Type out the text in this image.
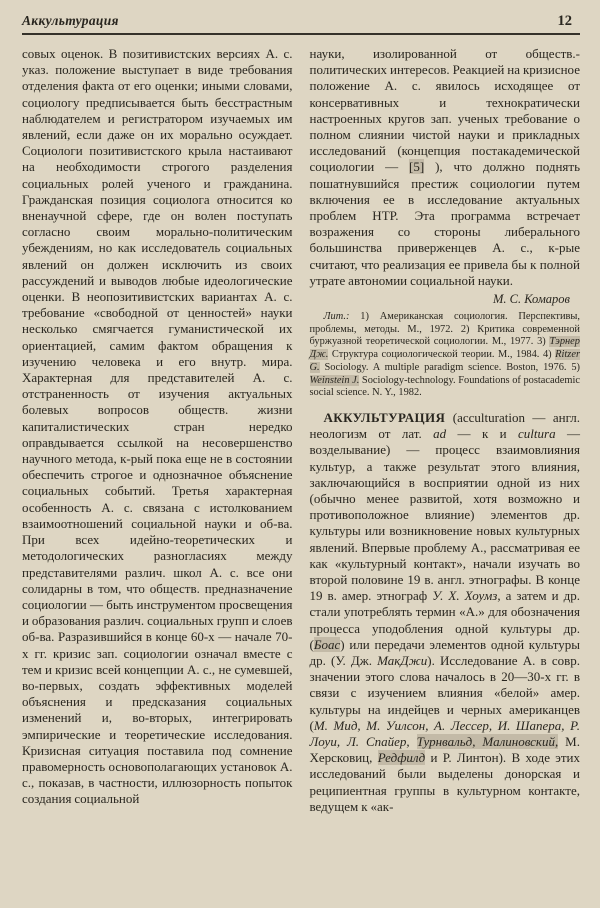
Аккультурация	12

совых оценок. В позитивистских версиях А. с. указ. положение выступает в виде требования отделения факта от его оценки; иными словами, социологу предписывается быть бесстрастным наблюдателем и регистратором изучаемых им явлений, если даже он их морально осуждает. Социологи позитивистского крыла настаивают на необходимости строгого разделения социальных ролей ученого и гражданина. Гражданская позиция социолога относится ко вненаучной сфере, где он волен поступать согласно своим морально-политическим убеждениям, но как исследователь социальных явлений он должен исключить из своих рассуждений и выводов любые идеологические оценки. В неопозитивистских вариантах А. с. требование «свободной от ценностей» науки несколько смягчается гуманистической их ориентацией, самим фактом обращения к изучению человека и его внутр. мира. Характерная для представителей А. с. отстраненность от изучения актуальных болевых вопросов обществ. жизни капиталистических стран нередко оправдывается ссылкой на несовершенство научного метода, к-рый пока еще не в состоянии обеспечить строгое и однозначное объяснение социальных событий. Третья характерная особенность А. с. связана с истолкованием взаимоотношений социальной науки и об-ва. При всех идейно-теоретических и методологических разногласиях между представителями различ. школ А. с. все они солидарны в том, что обществ. предназначение социологии — быть инструментом просвещения и образования различ. социальных групп и слоев об-ва. Разразившийся в конце 60-х — начале 70-х гг. кризис зап. социологии означал вместе с тем и кризис всей концепции А. с., не сумевшей, во-первых, создать эффективных моделей объяснения и предсказания социальных изменений и, во-вторых, интегрировать эмпирические и теоретические исследования. Кризисная ситуация поставила под сомнение правомерность основополагающих установок А. с., показав, в частности, иллюзорность попыток создания социальной

науки, изолированной от обществ.-политических интересов. Реакцией на кризисное положение А. с. явилось исходящее от консервативных и технократически настроенных кругов зап. ученых требование о полном слиянии чистой науки и прикладных исследований (концепция постакадемической социологии — [5] ), что должно поднять пошатнувшийся престиж социологии путем включения ее в исследование актуальных проблем НТР. Эта программа встречает возражения со стороны либерального большинства приверженцев А. с., к-рые считают, что реализация ее привела бы к полной утрате автономии социальной науки.

М. С. Комаров

Лит.: 1) Американская социология. Перспективы, проблемы, методы. М., 1972. 2) Критика современной буржуазной теоретической социологии. М., 1977. 3) Тэрнер Дж. Структура социологической теории. М., 1984. 4) Ritzer G. Sociology. A multiple paradigm science. Boston, 1976. 5) Weinstein J. Sociology-technology. Foundations of postacademic social science. N. Y., 1982.

АККУЛЬТУРАЦИЯ (acculturation — англ. неологизм от лат. ad — к и cultura — возделывание) — процесс взаимовлияния культур, а также результат этого влияния, заключающийся в восприятии одной из них (обычно менее развитой, хотя возможно и противоположное влияние) элементов др. культуры или возникновение новых культурных явлений. Впервые проблему А., рассматривая ее как «культурный контакт», начали изучать во второй половине 19 в. англ. этнографы. В конце 19 в. амер. этнограф У. Х. Хоумз, а затем и др. стали употреблять термин «А.» для обозначения процесса уподобления одной культуры др. (Боас) или передачи элементов одной культуры др. (У. Дж. МакДжи). Исследование А. в совр. значении этого слова началось в 20—30-х гг. в связи с изучением влияния «белой» амер. культуры на индейцев и черных американцев (М. Мид, М. Уилсон, А. Лессер, И. Шапера, Р. Лоуи, Л. Спайер, Турнвальд, Малиновский, М. Херсковиц, Редфилд и Р. Линтон). В ходе этих исследований были выделены донорская и реципиентная группы в культурном контакте, ведущем к «ак-
